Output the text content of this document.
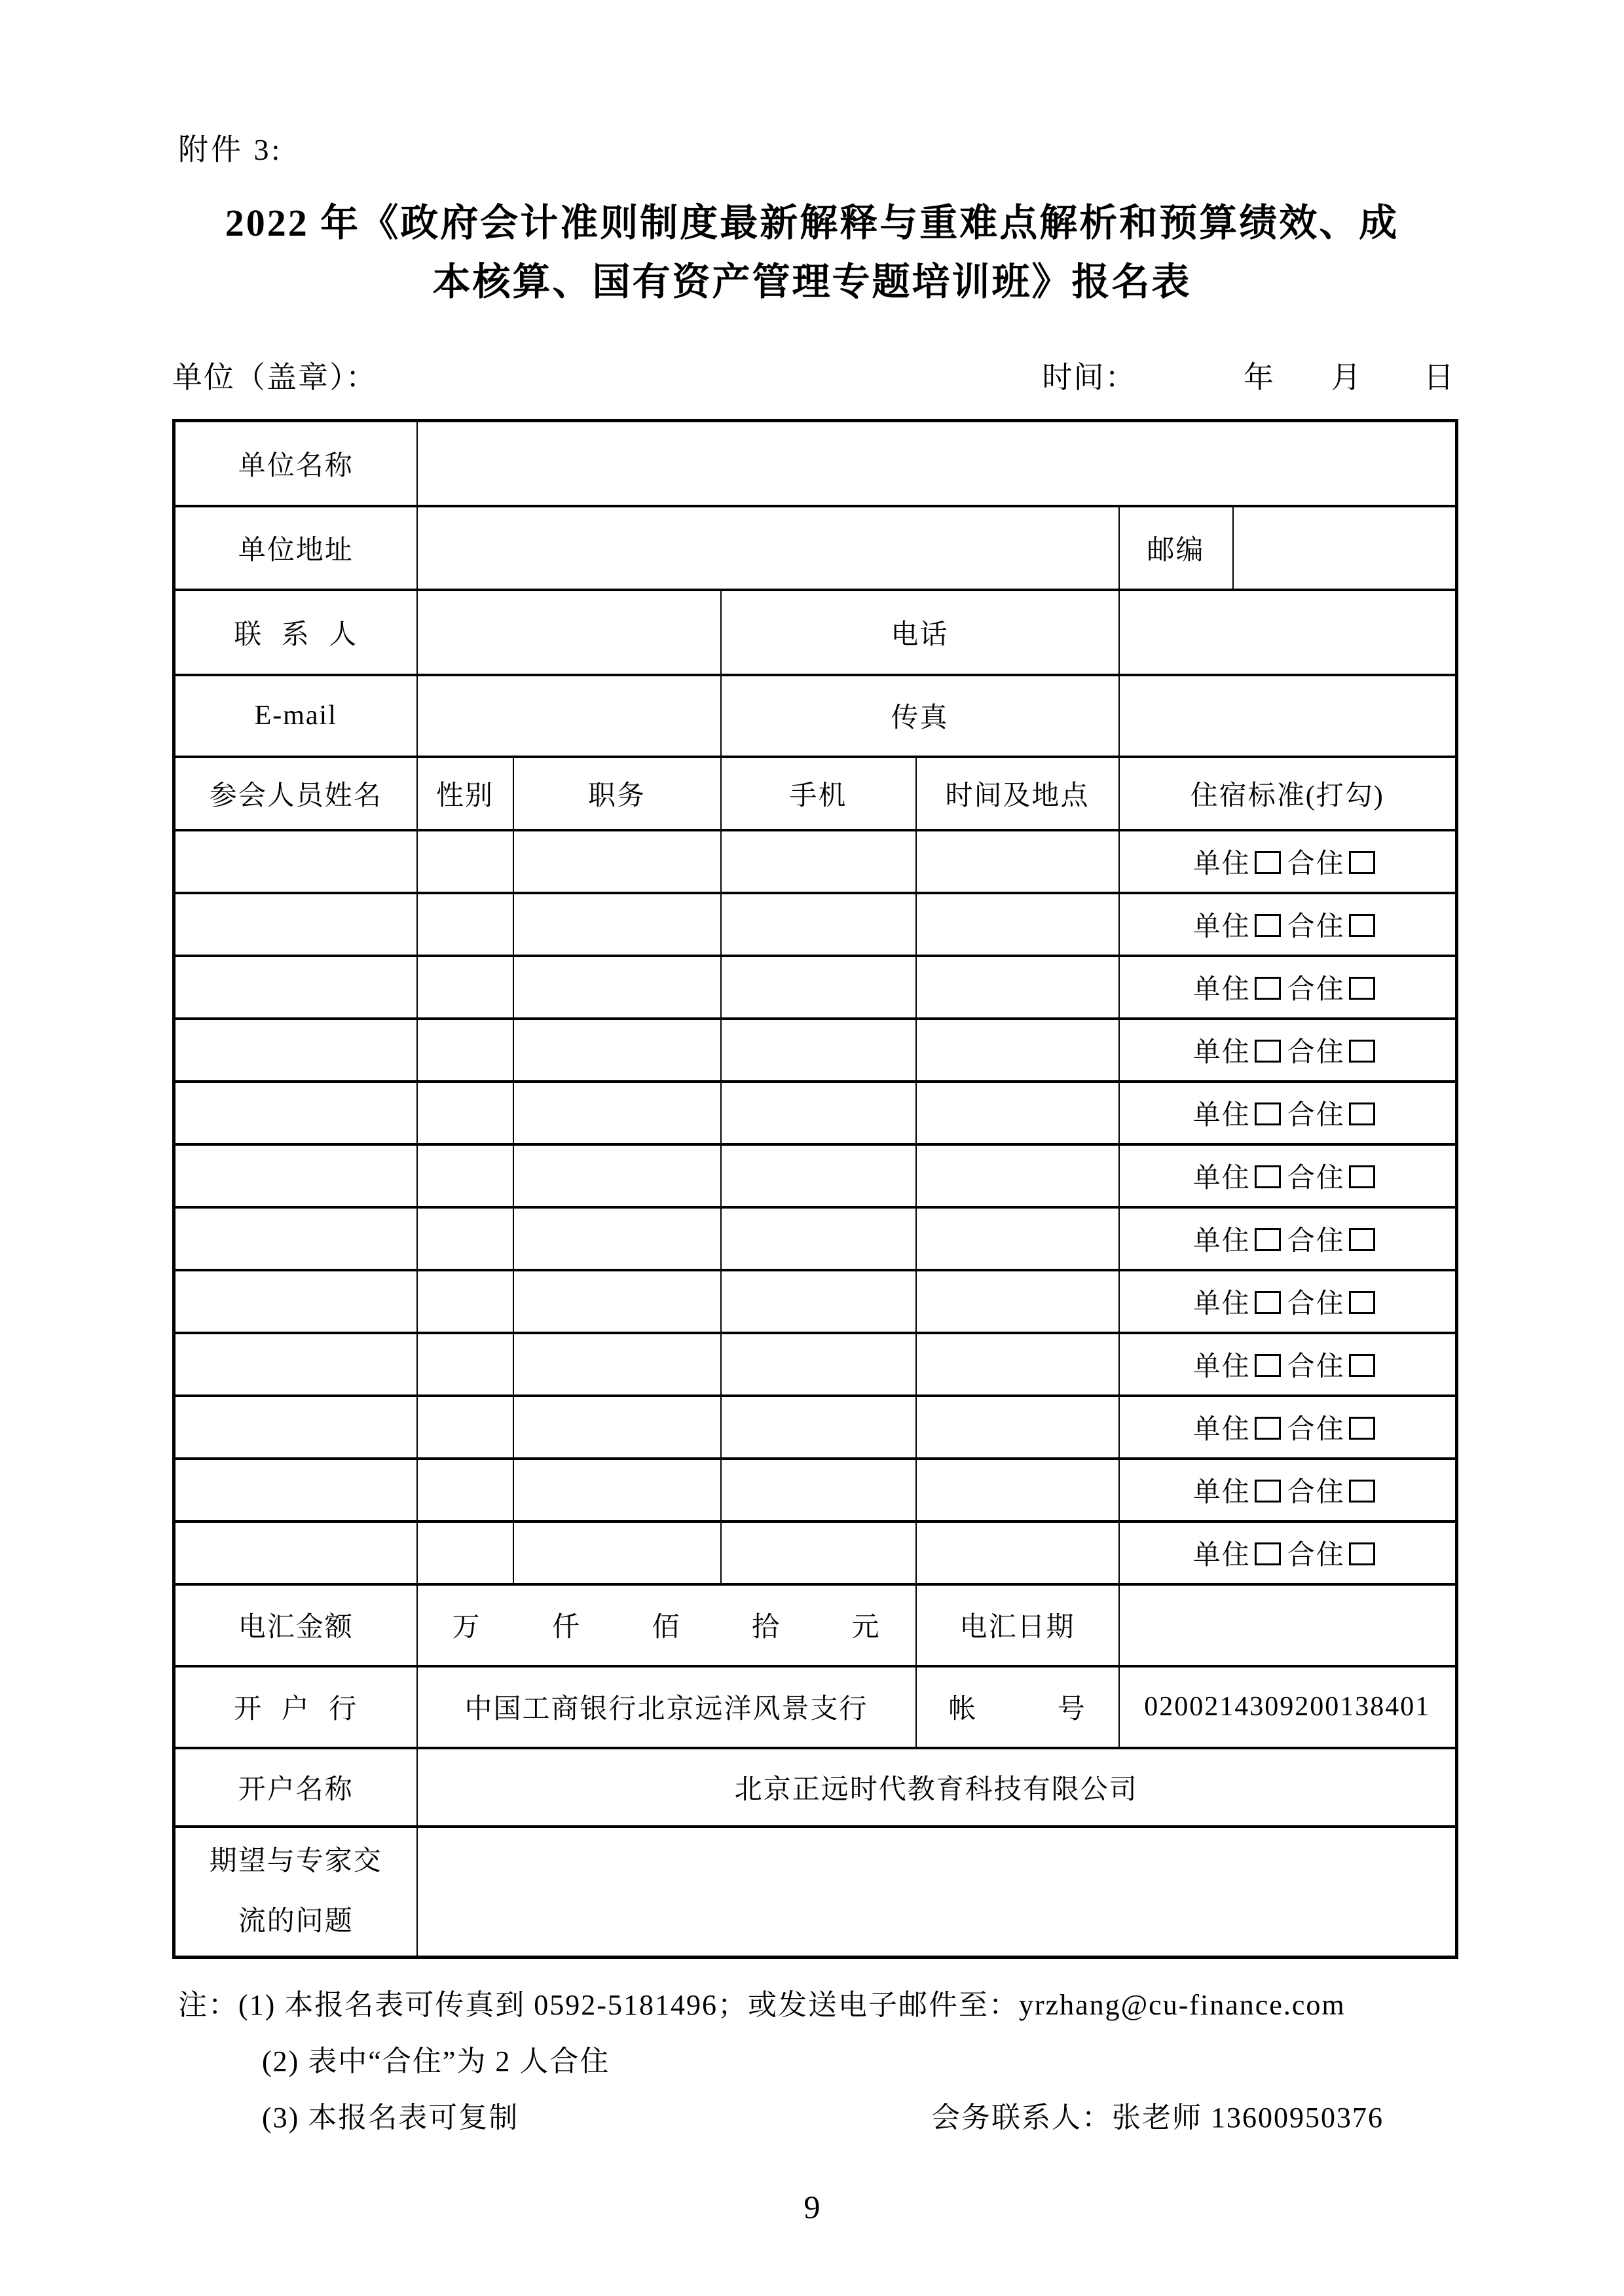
附件 3:
2022 年《政府会计准则制度最新解释与重难点解析和预算绩效、成
本核算、国有资产管理专题培训班》报名表
单位（盖章）：	时间：	年 月 日
单位名称						
单位地址					邮编	
联 系 人			电话			
E-mail			传真			
参会人员姓名	性别	职务	手机	时间及地点	住宿标准(打勾)	
					单住 合住	
					单住 合住	
					单住 合住	
					单住 合住	
					单住 合住	
					单住 合住	
					单住 合住	
					单住 合住	
					单住 合住	
					单住 合住	
					单住 合住	
					单住 合住	
电汇金额	万 仟 佰 拾 元			电汇日期		
开 户 行	中国工商银行北京远洋风景支行			帐 号	0200214309200138401	
开户名称	北京正远时代教育科技有限公司					

期望与专家交
流的问题						

注：(1) 本报名表可传真到 0592-5181496；或发送电子邮件至：yrzhang@cu-finance.com
(2) 表中“合住”为 2 人合住
(3) 本报名表可复制	会务联系人：张老师 13600950376
9
